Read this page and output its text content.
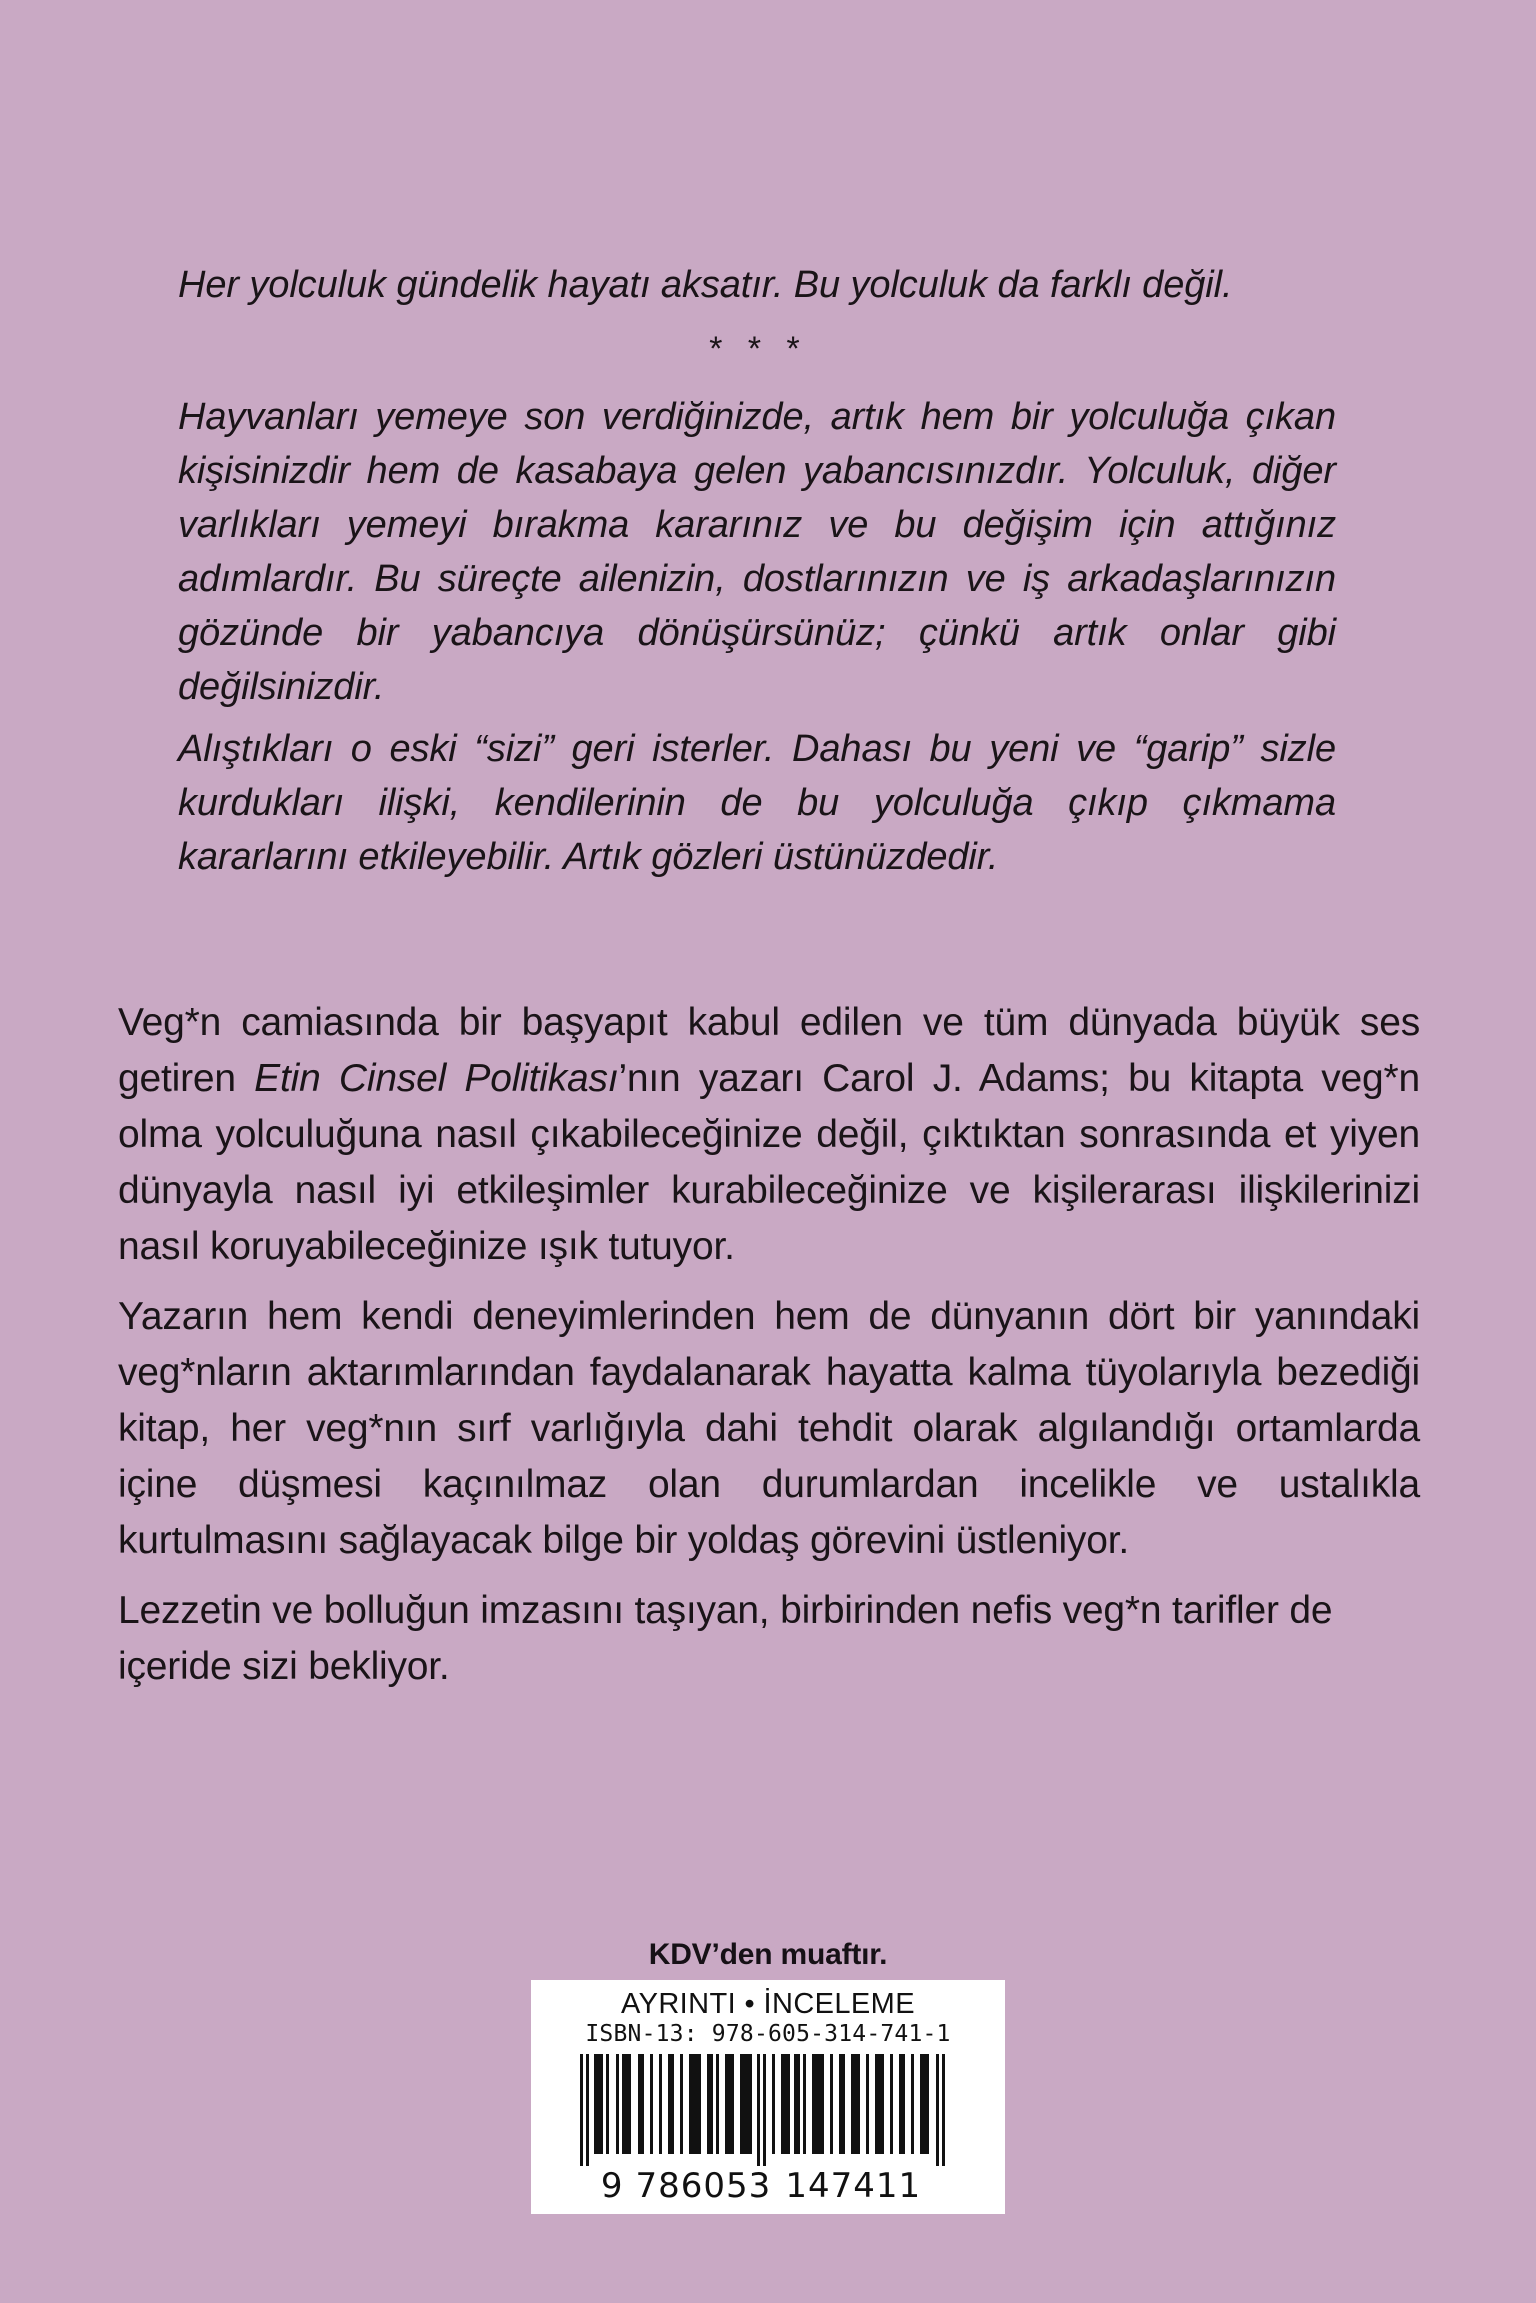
Her yolculuk gündelik hayatı aksatır. Bu yolculuk da farklı değil.

* * *

Hayvanları yemeye son verdiğinizde, artık hem bir yolculuğa çıkan kişisinizdir hem de kasabaya gelen yabancısınızdır. Yolculuk, diğer varlıkları yemeyi bırakma kararınız ve bu değişim için attığınız adımlardır. Bu süreçte ailenizin, dostlarınızın ve iş arkadaşlarınızın gözünde bir yabancıya dönüşürsünüz; çünkü artık onlar gibi değilsinizdir.

Alıştıkları o eski “sizi” geri isterler. Dahası bu yeni ve “garip” sizle kurdukları ilişki, kendilerinin de bu yolculuğa çıkıp çıkmama kararlarını etkileyebilir. Artık gözleri üstünüzdedir.

Veg*n camiasında bir başyapıt kabul edilen ve tüm dünyada büyük ses getiren Etin Cinsel Politikası’nın yazarı Carol J. Adams; bu kitapta veg*n olma yolculuğuna nasıl çıkabileceğinize değil, çıktıktan sonrasında et yiyen dünyayla nasıl iyi etkileşimler kurabileceğinize ve kişilerarası ilişkilerinizi nasıl koruyabileceğinize ışık tutuyor.

Yazarın hem kendi deneyimlerinden hem de dünyanın dört bir yanındaki veg*nların aktarımlarından faydalanarak hayatta kalma tüyolarıyla bezediği kitap, her veg*nın sırf varlığıyla dahi tehdit olarak algılandığı ortamlarda içine düşmesi kaçınılmaz olan durumlardan incelikle ve ustalıkla kurtulmasını sağlayacak bilge bir yoldaş görevini üstleniyor.

Lezzetin ve bolluğun imzasını taşıyan, birbirinden nefis veg*n tarifler de içeride sizi bekliyor.

KDV’den muaftır.
AYRINTI • İNCELEME
ISBN-13: 978-605-314-741-1
9 786053 147411
